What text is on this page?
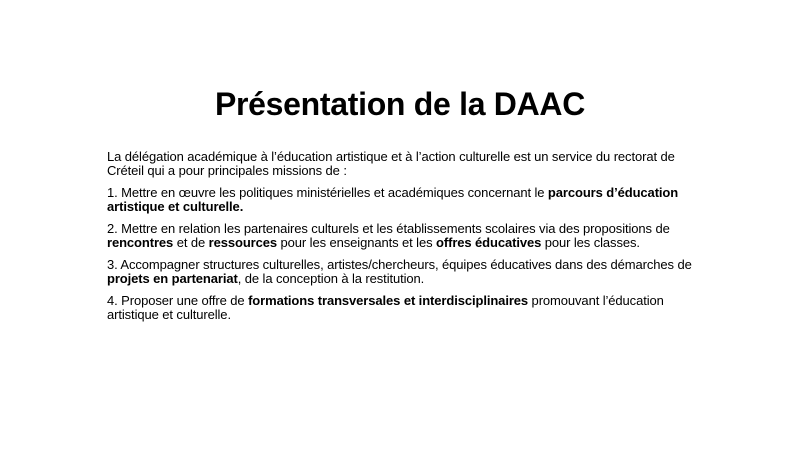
Présentation de la DAAC

La délégation académique à l’éducation artistique et à l’action culturelle est un service du rectorat de Créteil qui a pour principales missions de :

1. Mettre en œuvre les politiques ministérielles et académiques concernant le parcours d’éducation artistique et culturelle.

2. Mettre en relation les partenaires culturels et les établissements scolaires via des propositions de rencontres et de ressources pour les enseignants et les offres éducatives pour les classes.

3. Accompagner structures culturelles, artistes/chercheurs, équipes éducatives dans des démarches de projets en partenariat, de la conception à la restitution.

4. Proposer une offre de formations transversales et interdisciplinaires promouvant l’éducation artistique et culturelle.
